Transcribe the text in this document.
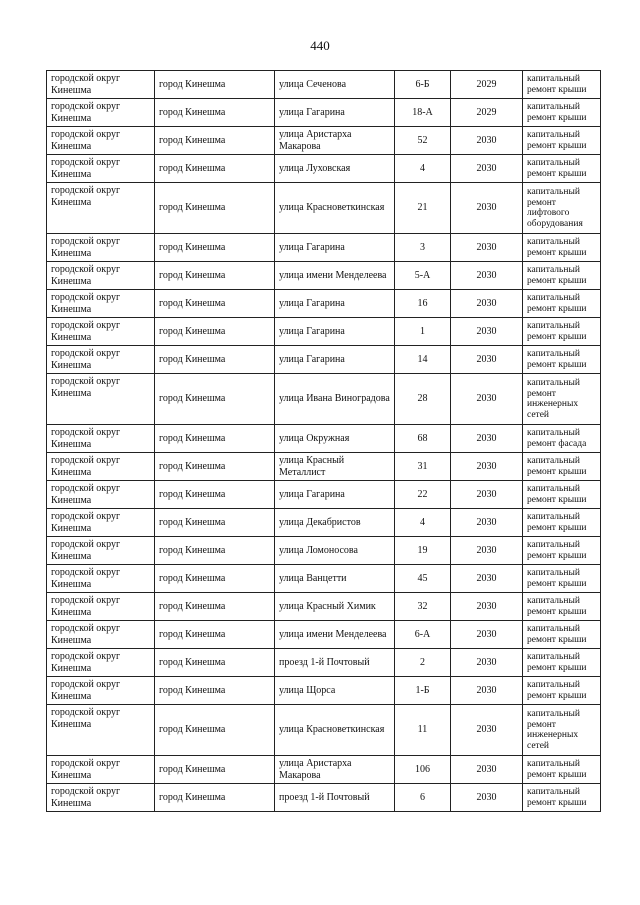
440
городской округ Кинешма	город Кинешма	улица Сеченова	6-Б	2029	капитальный ремонт крыши
городской округ Кинешма	город Кинешма	улица Гагарина	18-А	2029	капитальный ремонт крыши
городской округ Кинешма	город Кинешма	улица Аристарха Макарова	52	2030	капитальный ремонт крыши
городской округ Кинешма	город Кинешма	улица Луховская	4	2030	капитальный ремонт крыши
городской округ Кинешма	город Кинешма	улица Красноветкинская	21	2030	капитальный ремонт лифтового оборудования
городской округ Кинешма	город Кинешма	улица Гагарина	3	2030	капитальный ремонт крыши
городской округ Кинешма	город Кинешма	улица имени Менделеева	5-А	2030	капитальный ремонт крыши
городской округ Кинешма	город Кинешма	улица Гагарина	16	2030	капитальный ремонт крыши
городской округ Кинешма	город Кинешма	улица Гагарина	1	2030	капитальный ремонт крыши
городской округ Кинешма	город Кинешма	улица Гагарина	14	2030	капитальный ремонт крыши
городской округ Кинешма	город Кинешма	улица Ивана Виноградова	28	2030	капитальный ремонт инженерных сетей
городской округ Кинешма	город Кинешма	улица Окружная	68	2030	капитальный ремонт фасада
городской округ Кинешма	город Кинешма	улица Красный Металлист	31	2030	капитальный ремонт крыши
городской округ Кинешма	город Кинешма	улица Гагарина	22	2030	капитальный ремонт крыши
городской округ Кинешма	город Кинешма	улица Декабристов	4	2030	капитальный ремонт крыши
городской округ Кинешма	город Кинешма	улица Ломоносова	19	2030	капитальный ремонт крыши
городской округ Кинешма	город Кинешма	улица Ванцетти	45	2030	капитальный ремонт крыши
городской округ Кинешма	город Кинешма	улица Красный Химик	32	2030	капитальный ремонт крыши
городской округ Кинешма	город Кинешма	улица имени Менделеева	6-А	2030	капитальный ремонт крыши
городской округ Кинешма	город Кинешма	проезд 1-й Почтовый	2	2030	капитальный ремонт крыши
городской округ Кинешма	город Кинешма	улица Щорса	1-Б	2030	капитальный ремонт крыши
городской округ Кинешма	город Кинешма	улица Красноветкинская	11	2030	капитальный ремонт инженерных сетей
городской округ Кинешма	город Кинешма	улица Аристарха Макарова	106	2030	капитальный ремонт крыши
городской округ Кинешма	город Кинешма	проезд 1-й Почтовый	6	2030	капитальный ремонт крыши
